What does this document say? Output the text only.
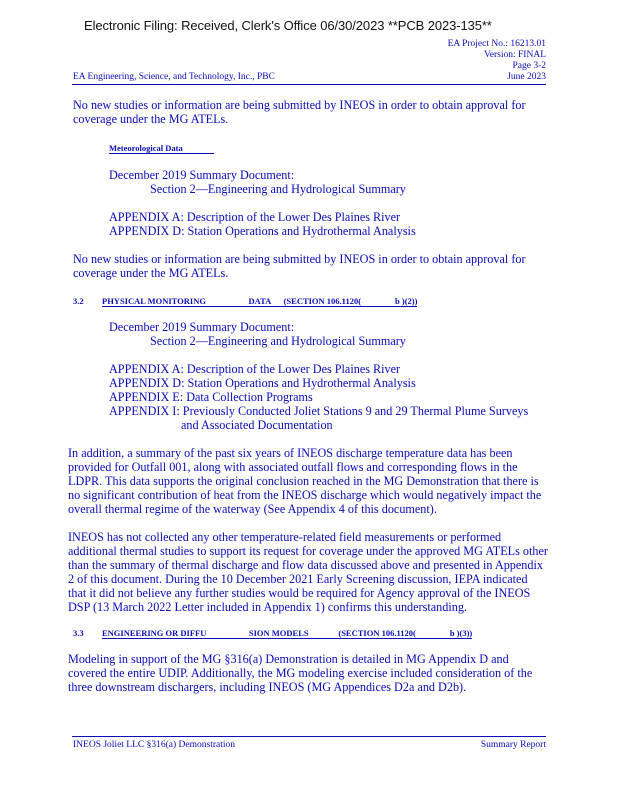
Electronic Filing: Received, Clerk's Office 06/30/2023 **PCB 2023-135**
EA Project No.: 16213.01
Version: FINAL
Page 3-2
EA Engineering, Science, and Technology, Inc., PBC	June 2023
No new studies or information are being submitted by INEOS in order to obtain approval for coverage under the MG ATELs.
Meteorological Data
December 2019 Summary Document:
Section 2—Engineering and Hydrological Summary
APPENDIX A: Description of the Lower Des Plaines River
APPENDIX D: Station Operations and Hydrothermal Analysis
No new studies or information are being submitted by INEOS in order to obtain approval for coverage under the MG ATELs.
3.2 PHYSICAL MONITORING                    DATA      (SECTION 106.1120(                b )(2))
December 2019 Summary Document:
Section 2—Engineering and Hydrological Summary
APPENDIX A: Description of the Lower Des Plaines River
APPENDIX D: Station Operations and Hydrothermal Analysis
APPENDIX E: Data Collection Programs
APPENDIX I: Previously Conducted Joliet Stations 9 and 29 Thermal Plume Surveys
and Associated Documentation
In addition, a summary of the past six years of INEOS discharge temperature data has been provided for Outfall 001, along with associated outfall flows and corresponding flows in the LDPR. This data supports the original conclusion reached in the MG Demonstration that there is no significant contribution of heat from the INEOS discharge which would negatively impact the overall thermal regime of the waterway (See Appendix 4 of this document).
INEOS has not collected any other temperature-related field measurements or performed additional thermal studies to support its request for coverage under the approved MG ATELs other than the summary of thermal discharge and flow data discussed above and presented in Appendix 2 of this document. During the 10 December 2021 Early Screening discussion, IEPA indicated that it did not believe any further studies would be required for Agency approval of the INEOS DSP (13 March 2022 Letter included in Appendix 1) confirms this understanding.
3.3 ENGINEERING OR DIFFU                    SION MODELS              (SECTION 106.1120(                b )(3))
Modeling in support of the MG §316(a) Demonstration is detailed in MG Appendix D and covered the entire UDIP. Additionally, the MG modeling exercise included consideration of the three downstream dischargers, including INEOS (MG Appendices D2a and D2b).
INEOS Joliet LLC §316(a) Demonstration	Summary Report
